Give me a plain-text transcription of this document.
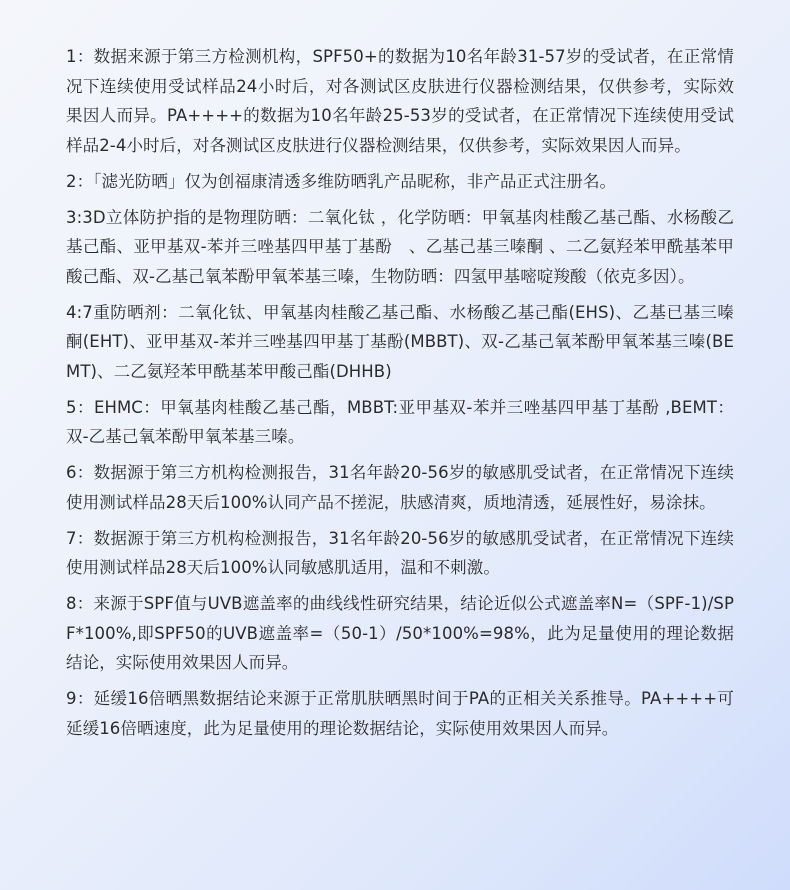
1：数据来源于第三方检测机构，SPF50+的数据为10名年龄31-57岁的受试者，在正常情况下连续使用受试样品24小时后，对各测试区皮肤进行仪器检测结果，仅供参考，实际效果因人而异。PA++++的数据为10名年龄25-53岁的受试者，在正常情况下连续使用受试样品2-4小时后，对各测试区皮肤进行仪器检测结果，仅供参考，实际效果因人而异。

2：「滤光防晒」仅为创福康清透多维防晒乳产品昵称，非产品正式注册名。

3:3D立体防护指的是物理防晒：二氧化钛 ，化学防晒：甲氧基肉桂酸乙基己酯、水杨酸乙基己酯、亚甲基双-苯并三唑基四甲基丁基酚　、乙基己基三嗪酮 、二乙氨羟苯甲酰基苯甲酸己酯、双-乙基己氧苯酚甲氧苯基三嗪，生物防晒：四氢甲基嘧啶羧酸（依克多因）。

4:7重防晒剂：二氧化钛、甲氧基肉桂酸乙基己酯、水杨酸乙基己酯(EHS)、乙基已基三嗪酮(EHT)、亚甲基双-苯并三唑基四甲基丁基酚(MBBT)、双-乙基己氧苯酚甲氧苯基三嗪(BEMT)、二乙氨羟苯甲酰基苯甲酸己酯(DHHB)

5：EHMC：甲氧基肉桂酸乙基己酯，MBBT:亚甲基双-苯并三唑基四甲基丁基酚 ,BEMT：双-乙基己氧苯酚甲氧苯基三嗪。

6：数据源于第三方机构检测报告，31名年龄20-56岁的敏感肌受试者，在正常情况下连续使用测试样品28天后100%认同产品不搓泥，肤感清爽，质地清透，延展性好，易涂抹。

7：数据源于第三方机构检测报告，31名年龄20-56岁的敏感肌受试者，在正常情况下连续使用测试样品28天后100%认同敏感肌适用，温和不刺激。

8：来源于SPF值与UVB遮盖率的曲线线性研究结果，结论近似公式遮盖率N=（SPF-1)/SPF*100%,即SPF50的UVB遮盖率=（50-1）/50*100%=98%，此为足量使用的理论数据结论，实际使用效果因人而异。

9：延缓16倍晒黑数据结论来源于正常肌肤晒黑时间于PA的正相关关系推导。PA++++可延缓16倍晒速度，此为足量使用的理论数据结论，实际使用效果因人而异。
